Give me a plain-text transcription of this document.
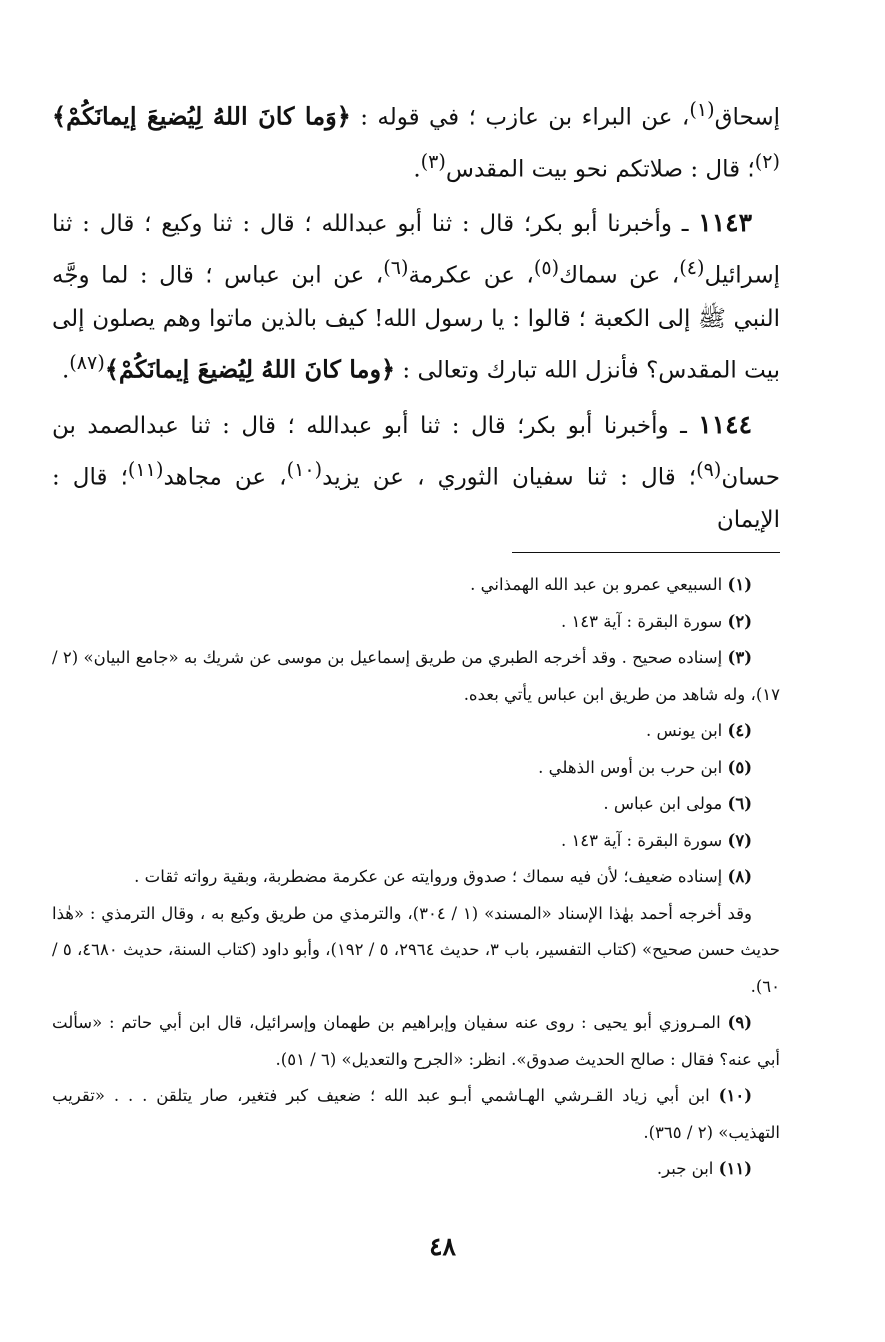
إسحاق$^{(١)}$، عن البراء بن عازب ؛ في قوله : ﴿وَما كانَ اللهُ لِيُضيعَ إيمانَكُمْ﴾$^{(٢)}$؛ قال : صلاتكم نحو بيت المقدس$^{(٣)}$.

١١٤٣ ـ وأخبرنا أبو بكر؛ قال : ثنا أبو عبدالله ؛ قال : ثنا وكيع ؛ قال : ثنا إسرائيل$^{(٤)}$، عن سماك$^{(٥)}$، عن عكرمة$^{(٦)}$، عن ابن عباس ؛ قال : لما وجَّه النبي ﷺ إلى الكعبة ؛ قالوا : يا رسول الله! كيف بالذين ماتوا وهم يصلون إلى بيت المقدس؟ فأنزل الله تبارك وتعالى : ﴿وما كانَ اللهُ لِيُضيعَ إيمانَكُمْ﴾$^{(٨٧)}$.

١١٤٤ ـ وأخبرنا أبو بكر؛ قال : ثنا أبو عبدالله ؛ قال : ثنا عبدالصمد بن حسان$^{(٩)}$؛ قال : ثنا سفيان الثوري ، عن يزيد$^{(١٠)}$، عن مجاهد$^{(١١)}$؛ قال : الإيمان

(١) السبيعي عمرو بن عبد الله الهمذاني .

(٢) سورة البقرة : آية ١٤٣ .

(٣) إسناده صحيح . وقد أخرجه الطبري من طريق إسماعيل بن موسى عن شريك به «جامع البيان» (٢ / ١٧)، وله شاهد من طريق ابن عباس يأتي بعده.

(٤) ابن يونس .

(٥) ابن حرب بن أوس الذهلي .

(٦) مولى ابن عباس .

(٧) سورة البقرة : آية ١٤٣ .

(٨) إسناده ضعيف؛ لأن فيه سماك ؛ صدوق وروايته عن عكرمة مضطربة، وبقية رواته ثقات .

وقد أخرجه أحمد بهٰذا الإسناد «المسند» (١ / ٣٠٤)، والترمذي من طريق وكيع به ، وقال الترمذي : «هٰذا حديث حسن صحيح» (كتاب التفسير، باب ٣، حديث ٢٩٦٤، ٥ / ١٩٢)، وأبو داود (كتاب السنة، حديث ٤٦٨٠، ٥ / ٦٠).

(٩) المـروزي أبو يحيى : روى عنه سفيان وإبراهيم بن طهمان وإسرائيل، قال ابن أبي حاتم : «سألت أبي عنه؟ فقال : صالح الحديث صدوق». انظر: «الجرح والتعديل» (٦ / ٥١).

(١٠) ابن أبي زياد القـرشي الهـاشمي أبـو عبد الله ؛ ضعيف كبر فتغير، صار يتلقن . . . «تقريب التهذيب» (٢ / ٣٦٥).

(١١) ابن جبر.

٤٨
